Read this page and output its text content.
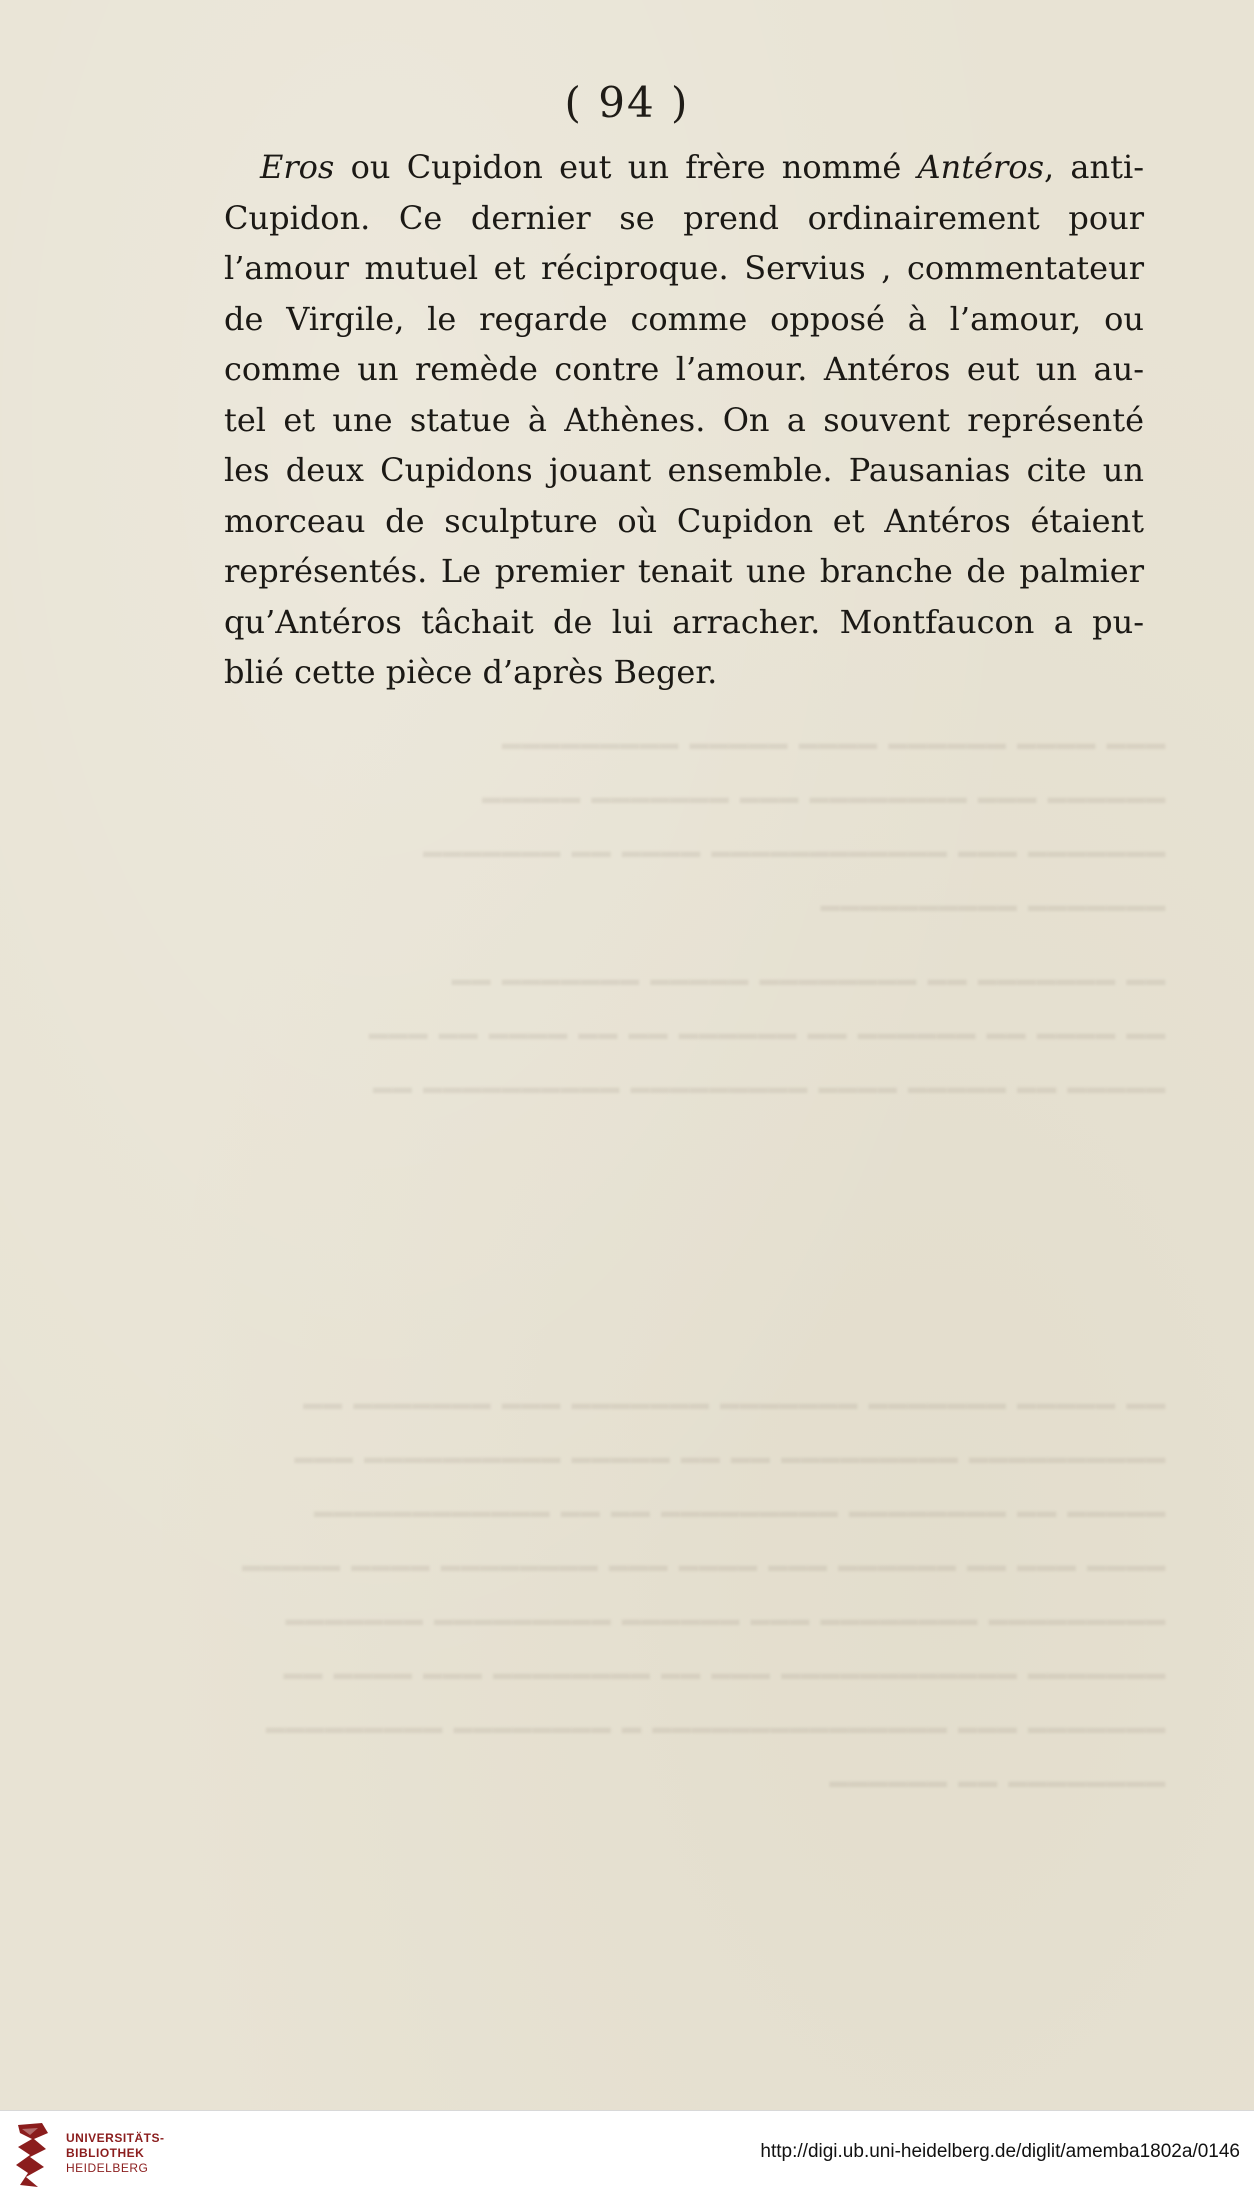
━━━ ━━━━ ━━━━━━ ━━━━ ━━━━━ ━━━━━━━━━
━━━━━━ ━━━ ━━━━━━━━ ━━━ ━━━━━━━ ━━━━━
━━━━━━━ ━━━ ━━━━━━━━━━━━ ━━━━ ━━ ━━━━━━━
━━━━━━━ ━━━━━━━━━━
━━ ━━━━━━━ ━━ ━━━━━━━━ ━━━━━ ━━━━━━━ ━━
━━ ━━━━ ━━ ━━━━━━ ━━ ━━━━━━ ━━ ━━ ━━━━ ━━ ━━━
━━━━━ ━━ ━━━━━ ━━━━ ━━━━━━━━━ ━━━━━━━━━━ ━━
━━ ━━━━━ ━━━━━━━ ━━━━━━━ ━━━━━━━ ━━━ ━━━━━━━ ━━
━━━━━━━━━━ ━━━━━━━━━ ━━ ━━ ━━━━━ ━━━━━━━━━━ ━━━
━━━━━ ━━ ━━━━━━━━ ━━━━━━━━━ ━━ ━━ ━━━━━━━━━━━━
━━━━ ━━━ ━━ ━━━━━━ ━━━ ━━━━ ━━━ ━━━━━━━━ ━━━━ ━━━━━
━━━━━━━━━ ━━━━━━━━ ━━━ ━━━━━━ ━━━━━━━━━ ━━━━━━━
━━━━━━━ ━━━━━━━━━━━━ ━━━ ━━ ━━━━━━━━ ━━━ ━━━━ ━━
━━━━━━━ ━━━ ━━━━━━━━━━━━━━━ ━ ━━━━━━━━ ━━━━━━━━━
━━━━━━━━ ━━ ━━━━━━
( 94 )
Eros ou Cupidon eut un frère nommé Antéros, anti-
Cupidon. Ce dernier se prend ordinairement pour
l’amour mutuel et réciproque. Servius , commentateur
de Virgile, le regarde comme opposé à l’amour, ou
comme un remède contre l’amour. Antéros eut un au-
tel et une statue à Athènes. On a souvent représenté
les deux Cupidons jouant ensemble. Pausanias cite un
morceau de sculpture où Cupidon et Antéros étaient
représentés. Le premier tenait une branche de palmier
qu’Antéros tâchait de lui arracher. Montfaucon a pu-
blié cette pièce d’après Beger.
UNIVERSITÄTS-
BIBLIOTHEK
HEIDELBERG
http://digi.ub.uni-heidelberg.de/diglit/amemba1802a/0146
